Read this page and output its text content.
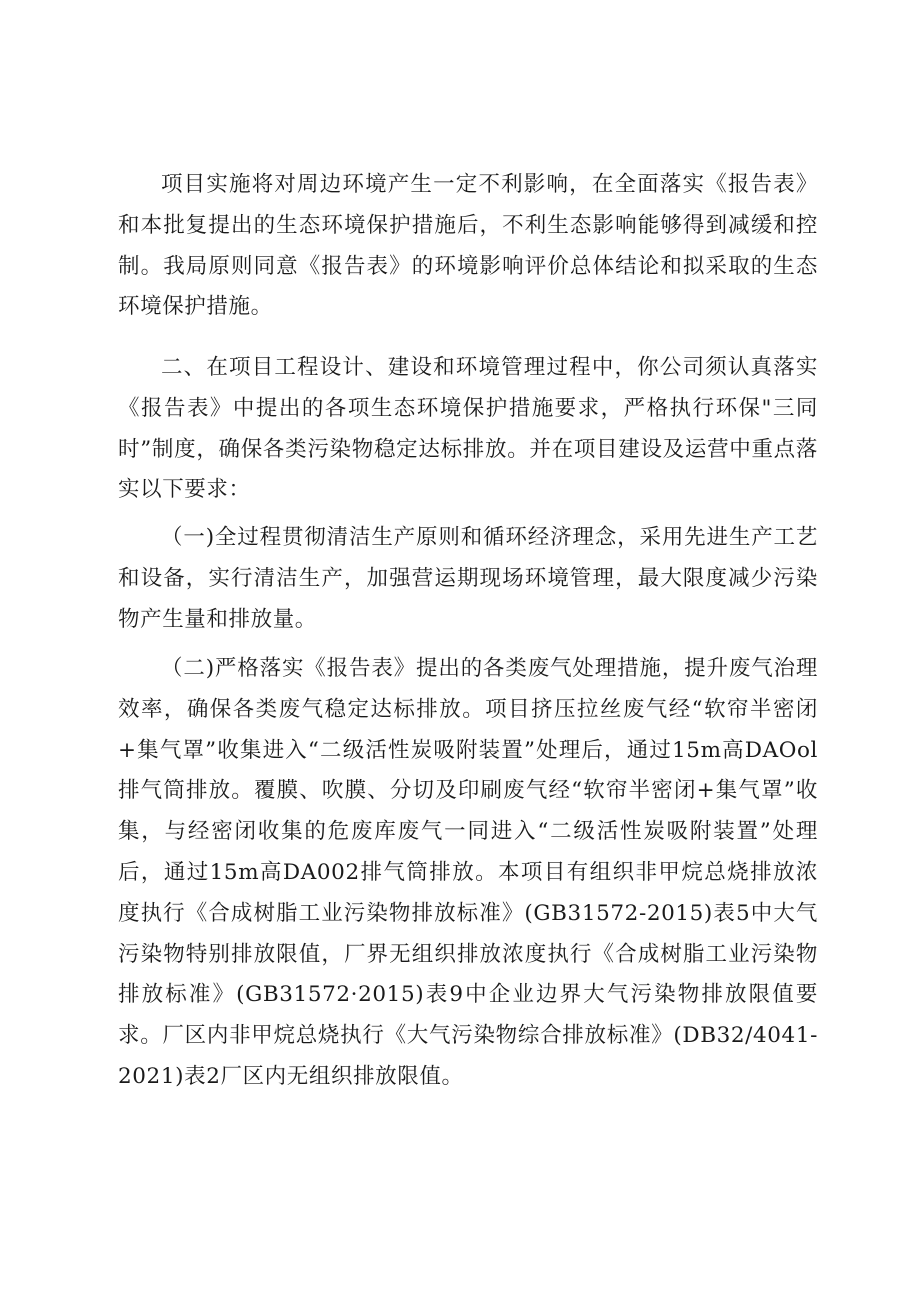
项目实施将对周边环境产生一定不利影响，在全面落实《报告表》和本批复提出的生态环境保护措施后，不利生态影响能够得到减缓和控制。我局原则同意《报告表》的环境影响评价总体结论和拟采取的生态环境保护措施。

二、在项目工程设计、建设和环境管理过程中，你公司须认真落实《报告表》中提出的各项生态环境保护措施要求，严格执行环保"三同时”制度，确保各类污染物稳定达标排放。并在项目建设及运营中重点落实以下要求：

（一)全过程贯彻清洁生产原则和循环经济理念，采用先进生产工艺和设备，实行清洁生产，加强营运期现场环境管理，最大限度减少污染物产生量和排放量。

（二)严格落实《报告表》提出的各类废气处理措施，提升废气治理效率，确保各类废气稳定达标排放。项目挤压拉丝废气经“软帘半密闭+集气罩”收集进入“二级活性炭吸附装置”处理后，通过15m高DAOol排气筒排放。覆膜、吹膜、分切及印刷废气经“软帘半密闭+集气罩”收集，与经密闭收集的危废库废气一同进入“二级活性炭吸附装置”处理后，通过15m高DA002排气筒排放。本项目有组织非甲烷总烧排放浓度执行《合成树脂工业污染物排放标准》(GB31572-2015)表5中大气污染物特别排放限值，厂界无组织排放浓度执行《合成树脂工业污染物排放标准》(GB31572·2015)表9中企业边界大气污染物排放限值要求。厂区内非甲烷总烧执行《大气污染物综合排放标准》(DB32/4041-2021)表2厂区内无组织排放限值。
